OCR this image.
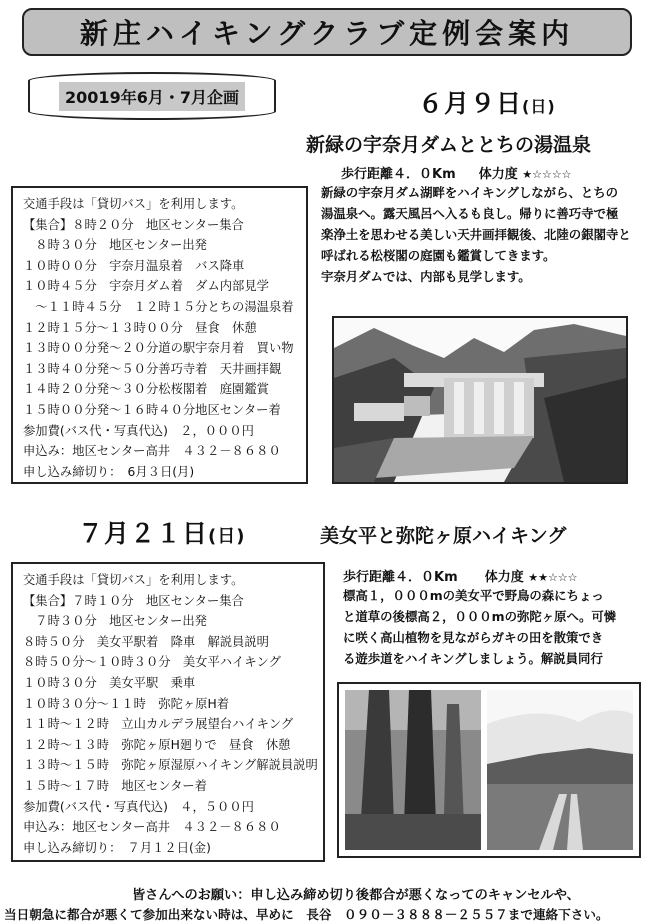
新庄ハイキングクラブ定例会案内
20019年6月・7月企画	６月９日(日)
新緑の宇奈月ダムととちの湯温泉
歩行距離４．０Km 体力度 ★☆☆☆☆
新緑の宇奈月ダム湖畔をハイキングしながら、とちの
湯温泉へ。露天風呂へ入るも良し。帰りに善巧寺で極
楽浄土を思わせる美しい天井画拝観後、北陸の銀閣寺と
呼ばれる松桜閣の庭園も鑑賞してきます。
宇奈月ダムでは、内部も見学します。
交通手段は「貸切バス」を利用します。
【集合】８時２０分　地区センター集合
　８時３０分　地区センター出発
１０時００分　宇奈月温泉着　バス降車
１０時４５分　宇奈月ダム着　ダム内部見学
　～１１時４５分　１２時１５分とちの湯温泉着
１２時１５分～１３時００分　昼食　休憩
１３時００分発～２０分道の駅宇奈月着　買い物
１３時４０分発～５０分善巧寺着　天井画拝観
１４時２０分発～３０分松桜閣着　庭園鑑賞
１５時００分発～１６時４０分地区センター着
参加費(バス代・写真代込)　２，０００円
申込み：地区センター高井　４３２－８６８０
申し込み締切り：　6月３日(月)
７月２１日(日)	美女平と弥陀ヶ原ハイキング
歩行距離４．０Km 体力度 ★★☆☆☆
標高１，０００mの美女平で野鳥の森にちょっ
と道草の後標高２，０００mの弥陀ヶ原へ。可憐
に咲く高山植物を見ながらガキの田を散策でき
る遊歩道をハイキングしましょう。解説員同行
交通手段は「貸切バス」を利用します。
【集合】７時１０分　地区センター集合
　７時３０分　地区センター出発
８時５０分　美女平駅着　降車　解説員説明
８時５０分～１０時３０分　美女平ハイキング
１０時３０分　美女平駅　乗車
１０時３０分～１１時　弥陀ヶ原H着
１１時～１２時　立山カルデラ展望台ハイキング
１２時～１３時　弥陀ヶ原H廻りで　昼食　休憩
１３時～１５時　弥陀ヶ原湿原ハイキング解説員説明
１５時～１７時　地区センター着
参加費(バス代・写真代込)　４，５００円
申込み：地区センター高井　４３２－８６８０
申し込み締切り：　７月１２日(金)
皆さんへのお願い：申し込み締め切り後都合が悪くなってのキャンセルや、
当日朝急に都合が悪くて参加出来ない時は、早めに　長谷　０９０－３８８８－２５５７まで連絡下さい。
